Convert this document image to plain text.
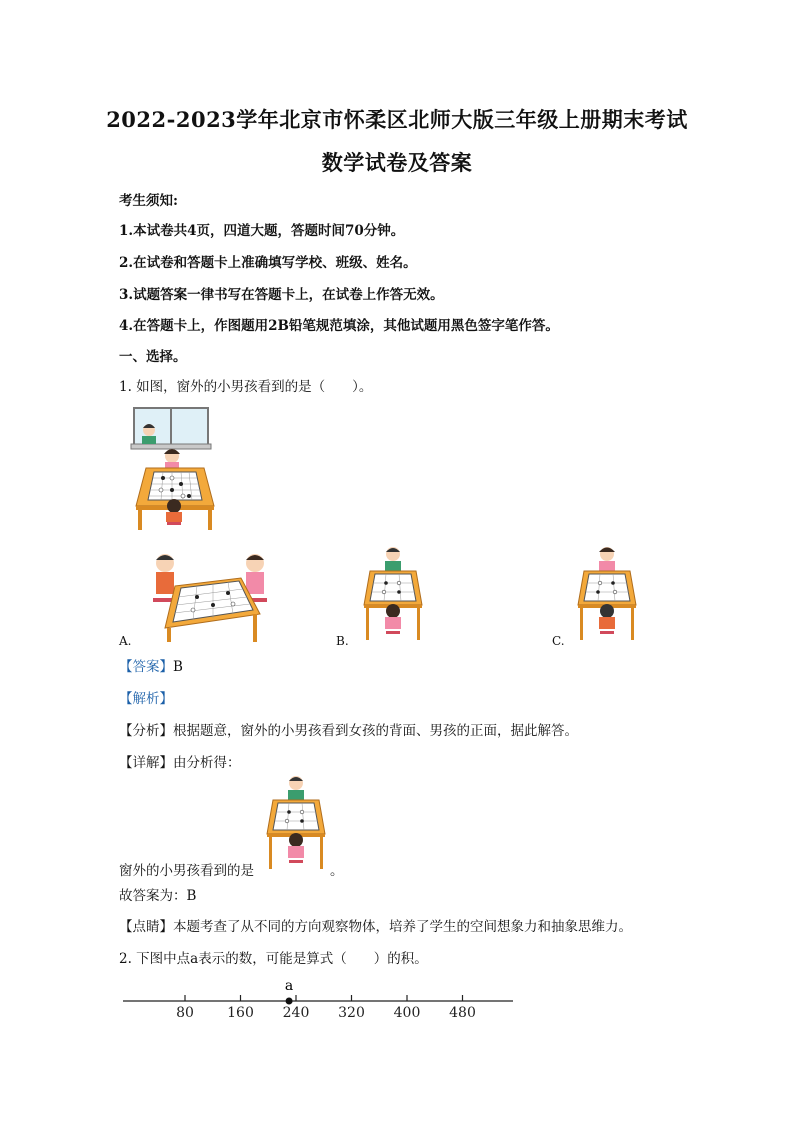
2022-2023学年北京市怀柔区北师大版三年级上册期末考试
数学试卷及答案
考生须知:
1.本试卷共4页，四道大题，答题时间70分钟。
2.在试卷和答题卡上准确填写学校、班级、姓名。
3.试题答案一律书写在答题卡上，在试卷上作答无效。
4.在答题卡上，作图题用2B铅笔规范填涂，其他试题用黑色签字笔作答。
一、选择。
1. 如图，窗外的小男孩看到的是（　　）。
A.	B.	C.
【答案】B
【解析】
【分析】根据题意，窗外的小男孩看到女孩的背面、男孩的正面，据此解答。
【详解】由分析得：
窗外的小男孩看到的是	。
故答案为：B
【点睛】本题考查了从不同的方向观察物体，培养了学生的空间想象力和抽象思维力。
2. 下图中点a表示的数，可能是算式（　　）的积。
80 160 240 320 400 480
a
